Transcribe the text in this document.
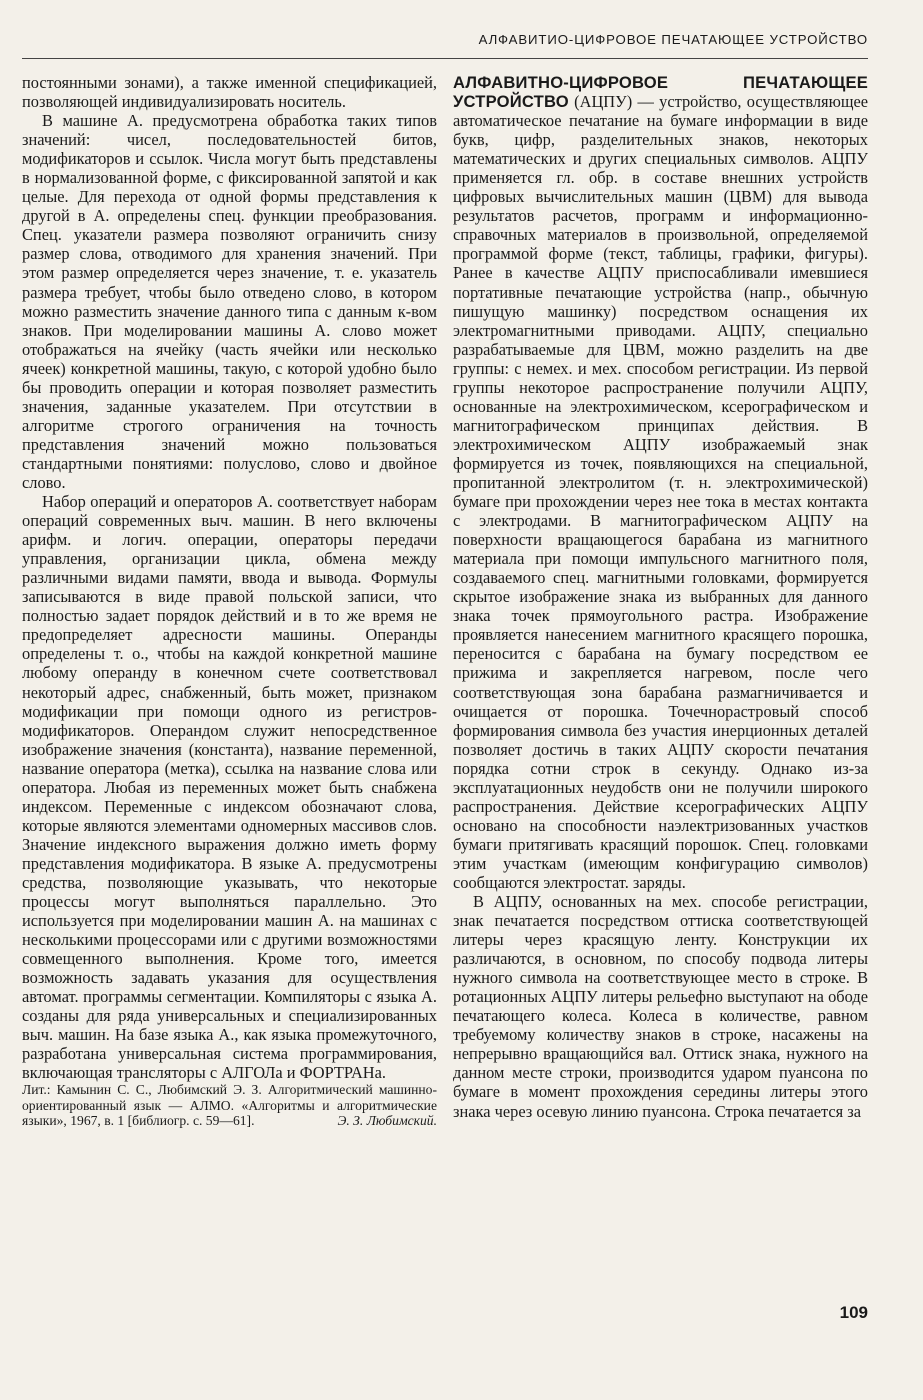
АЛФАВИТИО-ЦИФРОВОЕ ПЕЧАТАЮЩЕЕ УСТРОЙСТВО

постоянными зонами), а также именной спецификацией, позволяющей индивидуализировать носитель.

В машине А. предусмотрена обработка таких типов значений: чисел, последовательностей битов, модификаторов и ссылок. Числа могут быть представлены в нормализованной форме, с фиксированной запятой и как целые. Для перехода от одной формы представления к другой в А. определены спец. функции преобразования. Спец. указатели размера позволяют ограничить снизу размер слова, отводимого для хранения значений. При этом размер определяется через значение, т. е. указатель размера требует, чтобы было отведено слово, в котором можно разместить значение данного типа с данным к-вом знаков. При моделировании машины А. слово может отображаться на ячейку (часть ячейки или несколько ячеек) конкретной машины, такую, с которой удобно было бы проводить операции и которая позволяет разместить значения, заданные указателем. При отсутствии в алгоритме строгого ограничения на точность представления значений можно пользоваться стандартными понятиями: полуслово, слово и двойное слово.

Набор операций и операторов А. соответствует наборам операций современных выч. машин. В него включены арифм. и логич. операции, операторы передачи управления, организации цикла, обмена между различными видами памяти, ввода и вывода. Формулы записываются в виде правой польской записи, что полностью задает порядок действий и в то же время не предопределяет адресности машины. Операнды определены т. о., чтобы на каждой конкретной машине любому операнду в конечном счете соответствовал некоторый адрес, снабженный, быть может, признаком модификации при помощи одного из регистров-модификаторов. Операндом служит непосредственное изображение значения (константа), название переменной, название оператора (метка), ссылка на название слова или оператора. Любая из переменных может быть снабжена индексом. Переменные с индексом обозначают слова, которые являются элементами одномерных массивов слов. Значение индексного выражения должно иметь форму представления модификатора. В языке А. предусмотрены средства, позволяющие указывать, что некоторые процессы могут выполняться параллельно. Это используется при моделировании машин А. на машинах с несколькими процессорами или с другими возможностями совмещенного выполнения. Кроме того, имеется возможность задавать указания для осуществления автомат. программы сегментации. Компиляторы с языка А. созданы для ряда универсальных и специализированных выч. машин. На базе языка А., как языка промежуточного, разработана универсальная система программирования, включающая трансляторы с АЛГОЛа и ФОРТРАНа.

Лит.: Камынин С. С., Любимский Э. З. Алгоритмический машинно-ориентированный язык — АЛМО. «Алгоритмы и алгоритмические языки», 1967, в. 1 [библиогр. с. 59—61].	Э. З. Любимский.

АЛФАВИТНО-ЦИФРОВОЕ ПЕЧАТАЮЩЕЕ УСТРОЙСТВО (АЦПУ) — устройство, осуществляющее автоматическое печатание на бумаге информации в виде букв, цифр, разделительных знаков, некоторых математических и других специальных символов. АЦПУ применяется гл. обр. в составе внешних устройств цифровых вычислительных машин (ЦВМ) для вывода результатов расчетов, программ и информационно-справочных материалов в произвольной, определяемой программой форме (текст, таблицы, графики, фигуры). Ранее в качестве АЦПУ приспосабливали имевшиеся портативные печатающие устройства (напр., обычную пишущую машинку) посредством оснащения их электромагнитными приводами. АЦПУ, специально разрабатываемые для ЦВМ, можно разделить на две группы: с немех. и мех. способом регистрации. Из первой группы некоторое распространение получили АЦПУ, основанные на электрохимическом, ксерографическом и магнитографическом принципах действия. В электрохимическом АЦПУ изображаемый знак формируется из точек, появляющихся на специальной, пропитанной электролитом (т. н. электрохимической) бумаге при прохождении через нее тока в местах контакта с электродами. В магнитографическом АЦПУ на поверхности вращающегося барабана из магнитного материала при помощи импульсного магнитного поля, создаваемого спец. магнитными головками, формируется скрытое изображение знака из выбранных для данного знака точек прямоугольного растра. Изображение проявляется нанесением магнитного красящего порошка, переносится с барабана на бумагу посредством ее прижима и закрепляется нагревом, после чего соответствующая зона барабана размагничивается и очищается от порошка. Точечнорастровый способ формирования символа без участия инерционных деталей позволяет достичь в таких АЦПУ скорости печатания порядка сотни строк в секунду. Однако из-за эксплуатационных неудобств они не получили широкого распространения. Действие ксерографических АЦПУ основано на способности наэлектризованных участков бумаги притягивать красящий порошок. Спец. головками этим участкам (имеющим конфигурацию символов) сообщаются электростат. заряды.

В АЦПУ, основанных на мех. способе регистрации, знак печатается посредством оттиска соответствующей литеры через красящую ленту. Конструкции их различаются, в основном, по способу подвода литеры нужного символа на соответствующее место в строке. В ротационных АЦПУ литеры рельефно выступают на ободе печатающего колеса. Колеса в количестве, равном требуемому количеству знаков в строке, насажены на непрерывно вращающийся вал. Оттиск знака, нужного на данном месте строки, производится ударом пуансона по бумаге в момент прохождения середины литеры этого знака через осевую линию пуансона. Строка печатается за

109
